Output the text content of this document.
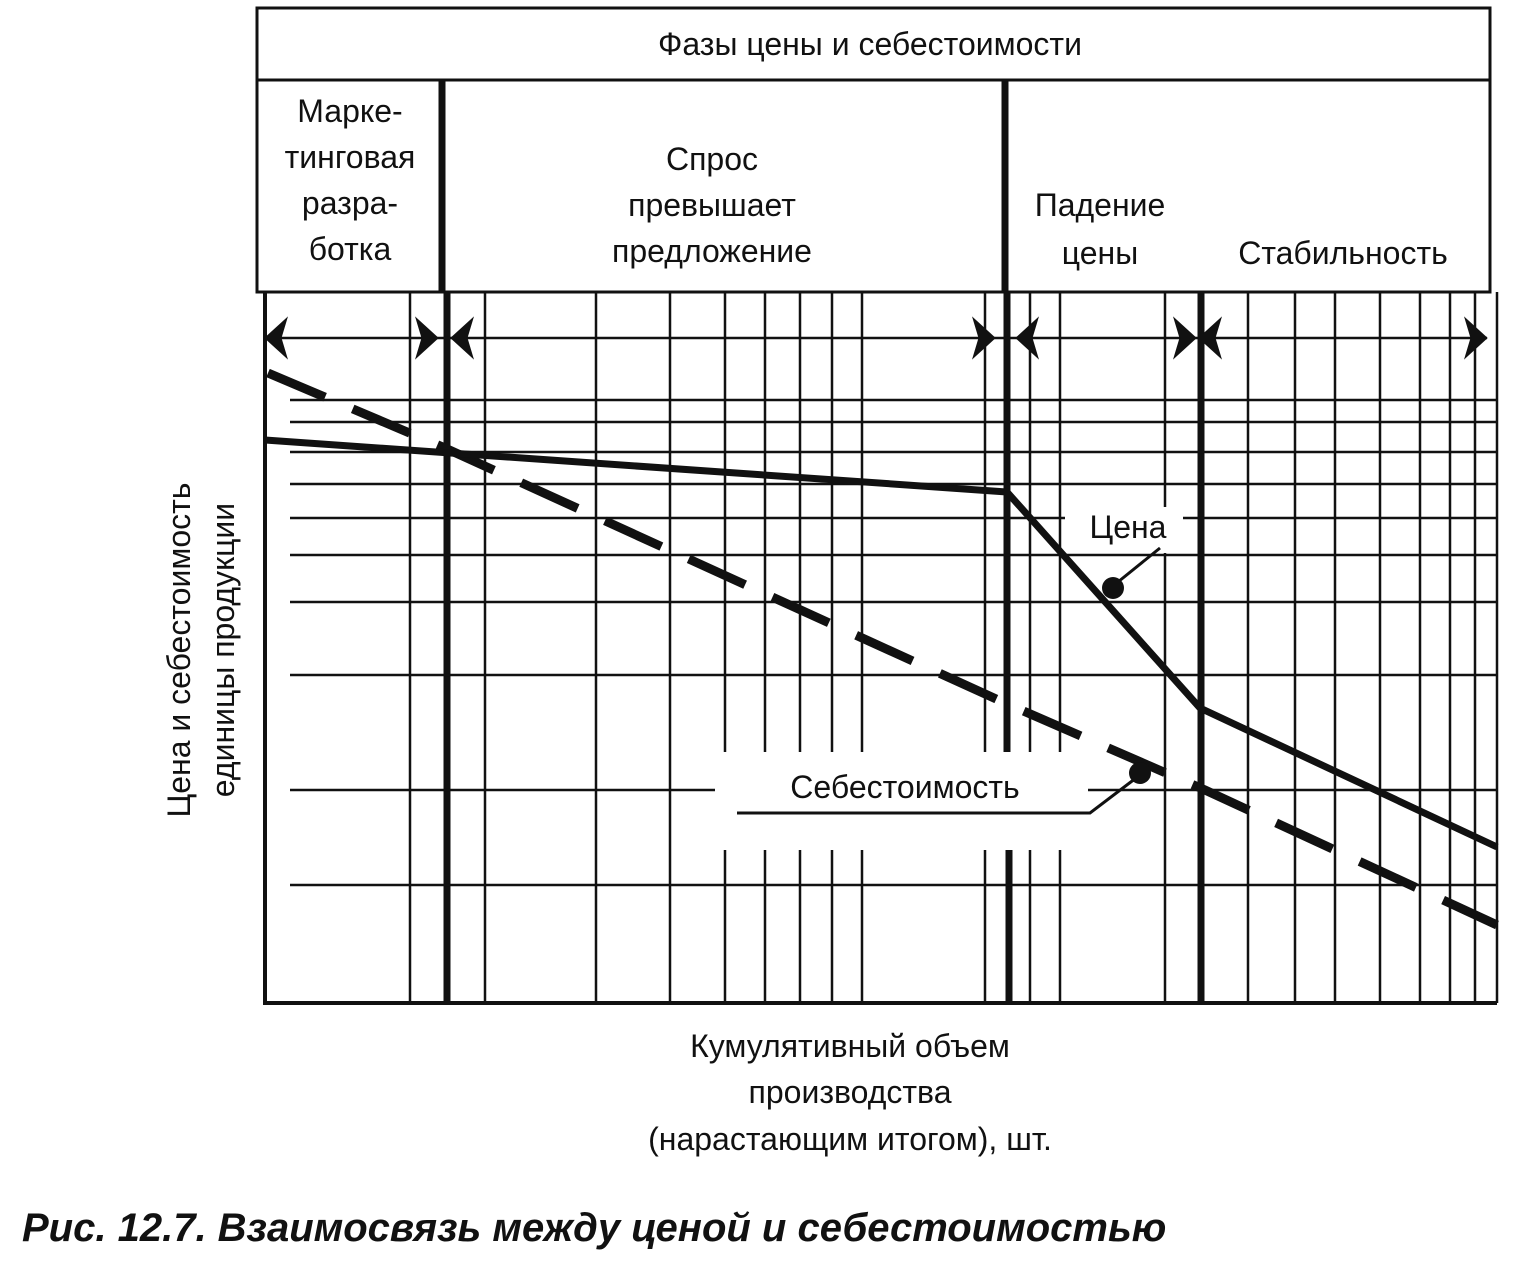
Фазы цены и себестоимости
Марке-
тинговая
разра-
ботка
Спрос
превышает
предложение
Падение
цены	Стабильность
Цена
Себестоимость
Цена и себестоимость единицы продукции
Кумулятивный объем
производства
(нарастающим итогом), шт.
Рис. 12.7. Взаимосвязь между ценой и себестоимостью
